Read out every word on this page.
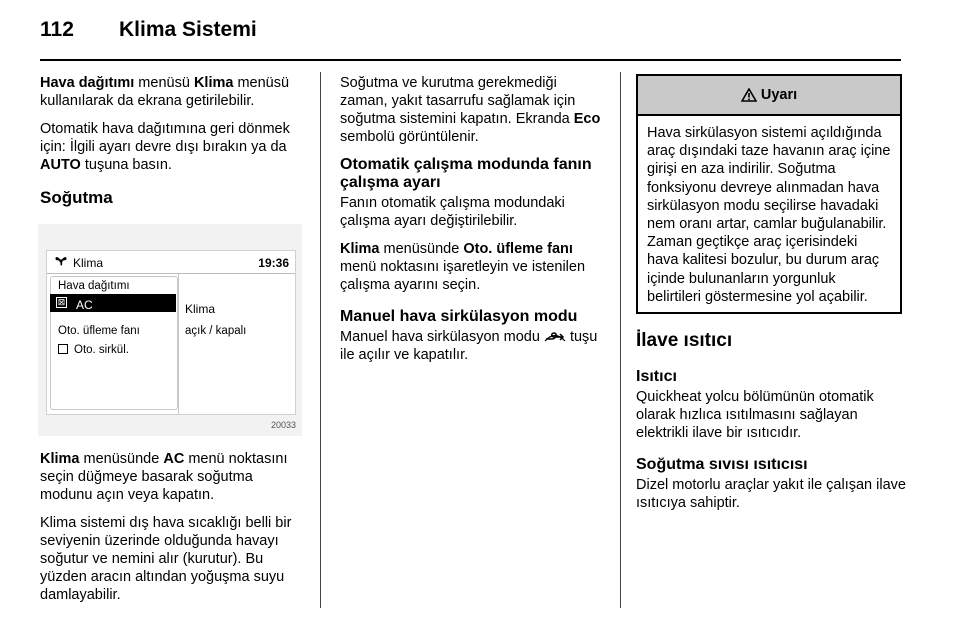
112	Klima Sistemi

Hava dağıtımı menüsü Klima menüsü kullanılarak da ekrana getirilebilir.

Otomatik hava dağıtımına geri dönmek için: İlgili ayarı devre dışı bırakın ya da AUTO tuşuna basın.

Soğutma
Klima	19:36
Hava dağıtımı
⊠ AC
Oto. üfleme fanı
Oto. sirkül.
Klima
açık / kapalı
20033

Klima menüsünde AC menü noktasını seçin düğmeye basarak soğutma modunu açın veya kapatın.

Klima sistemi dış hava sıcaklığı belli bir seviyenin üzerinde olduğunda havayı soğutur ve nemini alır (kurutur). Bu yüzden aracın altından yoğuşma suyu damlayabilir.

Soğutma ve kurutma gerekmediği zaman, yakıt tasarrufu sağlamak için soğutma sistemini kapatın. Ekranda Eco sembolü görüntülenir.

Otomatik çalışma modunda fanın çalışma ayarı

Fanın otomatik çalışma modundaki çalışma ayarı değiştirilebilir.

Klima menüsünde Oto. üfleme fanı menü noktasını işaretleyin ve istenilen çalışma ayarını seçin.

Manuel hava sirkülasyon modu

Manuel hava sirkülasyon modu  tuşu ile açılır ve kapatılır.

Uyarı
Hava sirkülasyon sistemi açıldığında araç dışındaki taze havanın araç içine girişi en aza indirilir. Soğutma fonksiyonu devreye alınmadan hava sirkülasyon modu seçilirse havadaki nem oranı artar, camlar buğulanabilir. Zaman geçtikçe araç içerisindeki hava kalitesi bozulur, bu durum araç içinde bulunanların yorgunluk belirtileri göstermesine yol açabilir.
İlave ısıtıcı
Isıtıcı

Quickheat yolcu bölümünün otomatik olarak hızlıca ısıtılmasını sağlayan elektrikli ilave bir ısıtıcıdır.

Soğutma sıvısı ısıtıcısı

Dizel motorlu araçlar yakıt ile çalışan ilave ısıtıcıya sahiptir.
